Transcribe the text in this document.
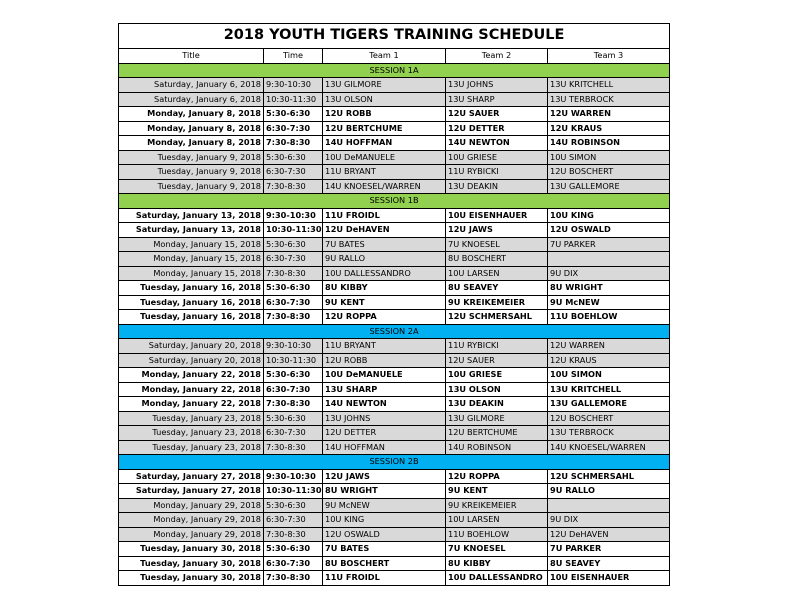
2018 YOUTH TIGERS TRAINING SCHEDULE				
Title	Time	Team 1	Team 2	Team 3
SESSION 1A				
Saturday, January 6, 2018	9:30-10:30	13U GILMORE	13U JOHNS	13U KRITCHELL
Saturday, January 6, 2018	10:30-11:30	13U OLSON	13U SHARP	13U TERBROCK
Monday, January 8, 2018	5:30-6:30	12U ROBB	12U SAUER	12U WARREN
Monday, January 8, 2018	6:30-7:30	12U BERTCHUME	12U DETTER	12U KRAUS
Monday, January 8, 2018	7:30-8:30	14U HOFFMAN	14U NEWTON	14U ROBINSON
Tuesday, January 9, 2018	5:30-6:30	10U DeMANUELE	10U GRIESE	10U SIMON
Tuesday, January 9, 2018	6:30-7:30	11U BRYANT	11U RYBICKI	12U BOSCHERT
Tuesday, January 9, 2018	7:30-8:30	14U KNOESEL/WARREN	13U DEAKIN	13U GALLEMORE
SESSION 1B				
Saturday, January 13, 2018	9:30-10:30	11U FROIDL	10U EISENHAUER	10U KING
Saturday, January 13, 2018	10:30-11:30	12U DeHAVEN	12U JAWS	12U OSWALD
Monday, January 15, 2018	5:30-6:30	7U BATES	7U KNOESEL	7U PARKER
Monday, January 15, 2018	6:30-7:30	9U RALLO	8U BOSCHERT	
Monday, January 15, 2018	7:30-8:30	10U DALLESSANDRO	10U LARSEN	9U DIX
Tuesday, January 16, 2018	5:30-6:30	8U KIBBY	8U SEAVEY	8U WRIGHT
Tuesday, January 16, 2018	6:30-7:30	9U KENT	9U KREIKEMEIER	9U McNEW
Tuesday, January 16, 2018	7:30-8:30	12U ROPPA	12U SCHMERSAHL	11U BOEHLOW
SESSION 2A				
Saturday, January 20, 2018	9:30-10:30	11U BRYANT	11U RYBICKI	12U WARREN
Saturday, January 20, 2018	10:30-11:30	12U ROBB	12U SAUER	12U KRAUS
Monday, January 22, 2018	5:30-6:30	10U DeMANUELE	10U GRIESE	10U SIMON
Monday, January 22, 2018	6:30-7:30	13U SHARP	13U OLSON	13U KRITCHELL
Monday, January 22, 2018	7:30-8:30	14U NEWTON	13U DEAKIN	13U GALLEMORE
Tuesday, January 23, 2018	5:30-6:30	13U JOHNS	13U GILMORE	12U BOSCHERT
Tuesday, January 23, 2018	6:30-7:30	12U DETTER	12U BERTCHUME	13U TERBROCK
Tuesday, January 23, 2018	7:30-8:30	14U HOFFMAN	14U ROBINSON	14U KNOESEL/WARREN
SESSION 2B				
Saturday, January 27, 2018	9:30-10:30	12U JAWS	12U ROPPA	12U SCHMERSAHL
Saturday, January 27, 2018	10:30-11:30	8U WRIGHT	9U KENT	9U RALLO
Monday, January 29, 2018	5:30-6:30	9U McNEW	9U KREIKEMEIER	
Monday, January 29, 2018	6:30-7:30	10U KING	10U LARSEN	9U DIX
Monday, January 29, 2018	7:30-8:30	12U OSWALD	11U BOEHLOW	12U DeHAVEN
Tuesday, January 30, 2018	5:30-6:30	7U BATES	7U KNOESEL	7U PARKER
Tuesday, January 30, 2018	6:30-7:30	8U BOSCHERT	8U KIBBY	8U SEAVEY
Tuesday, January 30, 2018	7:30-8:30	11U FROIDL	10U DALLESSANDRO	10U EISENHAUER
